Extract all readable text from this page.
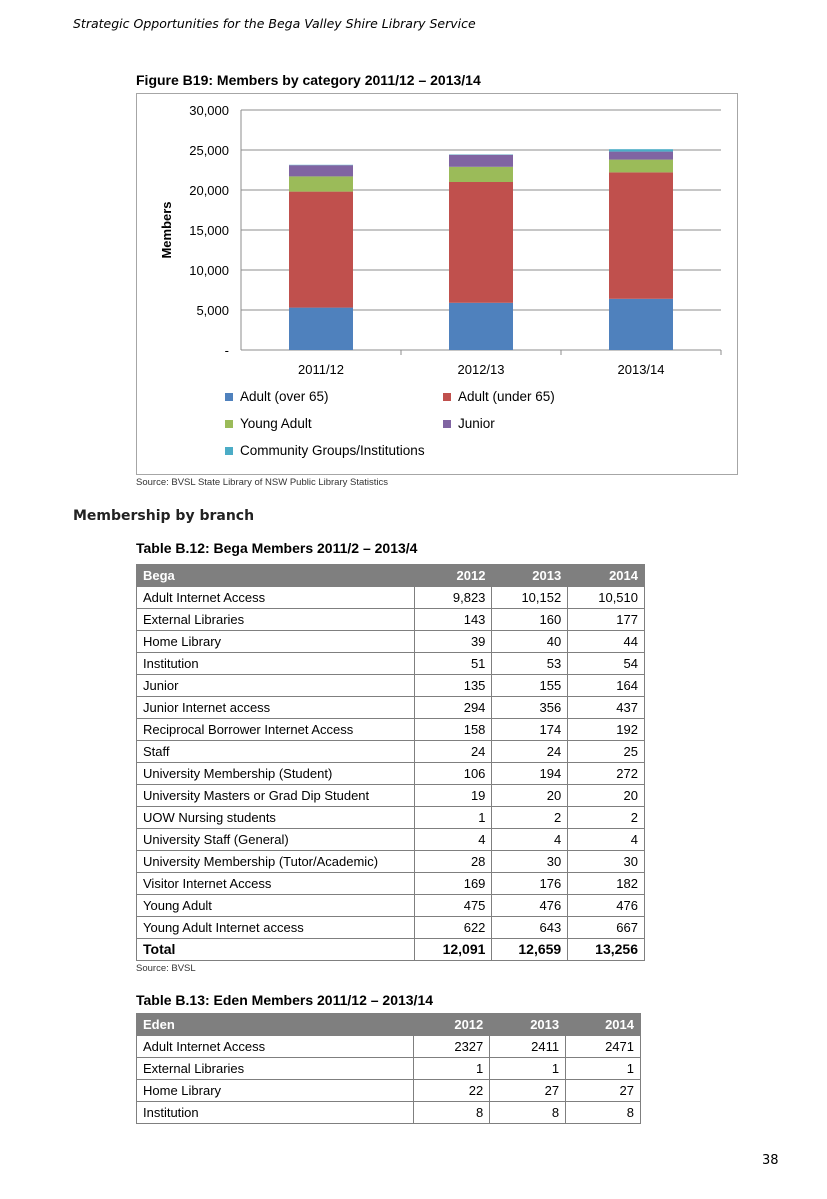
Strategic Opportunities for the Bega Valley Shire Library Service
Figure B19: Members by category 2011/12 – 2013/14
-
5,000
10,000
15,000
20,000
25,000
30,000
2011/12	2012/13	2013/14
Members
Adult (over 65)	Adult (under 65)
Young Adult	Junior
Community Groups/Institutions
Source: BVSL State Library of NSW Public Library Statistics
Membership by branch
Table B.12: Bega Members 2011/2 – 2013/4
Bega	2012	2013	2014
Adult Internet Access	9,823	10,152	10,510
External Libraries	143	160	177
Home Library	39	40	44
Institution	51	53	54
Junior	135	155	164
Junior Internet access	294	356	437
Reciprocal Borrower Internet Access	158	174	192
Staff	24	24	25
University Membership (Student)	106	194	272
University Masters or Grad Dip Student	19	20	20
UOW Nursing students	1	2	2
University Staff (General)	4	4	4
University Membership (Tutor/Academic)	28	30	30
Visitor Internet Access	169	176	182
Young Adult	475	476	476
Young Adult Internet access	622	643	667
Total	12,091	12,659	13,256
Source: BVSL
Table B.13: Eden Members 2011/12 – 2013/14
Eden	2012	2013	2014
Adult Internet Access	2327	2411	2471
External Libraries	1	1	1
Home Library	22	27	27
Institution	8	8	8
38
